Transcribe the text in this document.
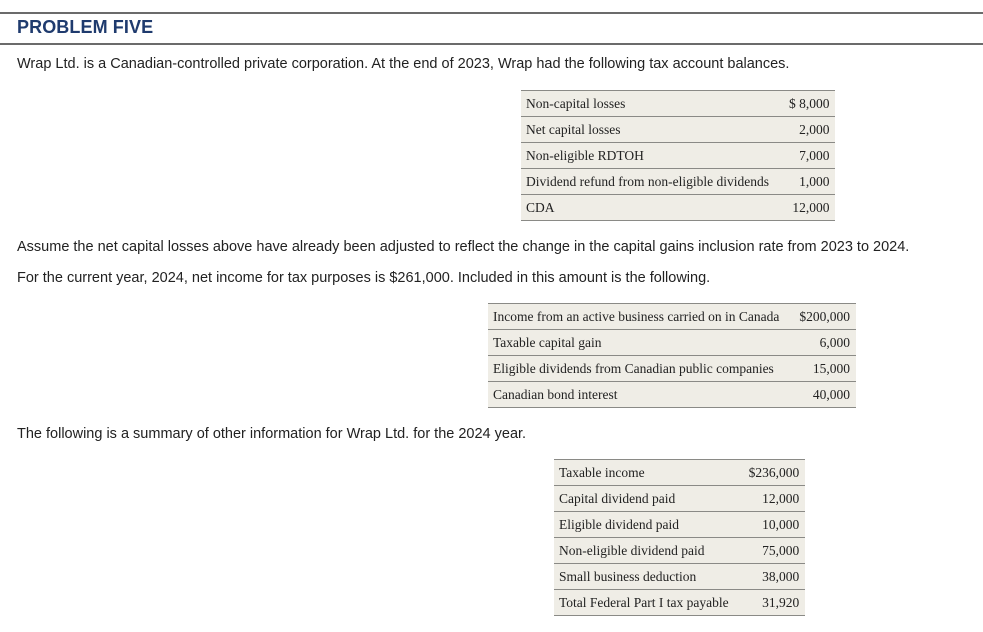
PROBLEM FIVE
Wrap Ltd. is a Canadian-controlled private corporation. At the end of 2023, Wrap had the following tax account balances.
Non-capital losses	$ 8,000
Net capital losses	2,000
Non-eligible RDTOH	7,000
Dividend refund from non-eligible dividends	1,000
CDA	12,000
Assume the net capital losses above have already been adjusted to reflect the change in the capital gains inclusion rate from 2023 to 2024.
For the current year, 2024, net income for tax purposes is $261,000. Included in this amount is the following.
Income from an active business carried on in Canada	$200,000
Taxable capital gain	6,000
Eligible dividends from Canadian public companies	15,000
Canadian bond interest	40,000
The following is a summary of other information for Wrap Ltd. for the 2024 year.
Taxable income	$236,000
Capital dividend paid	12,000
Eligible dividend paid	10,000
Non-eligible dividend paid	75,000
Small business deduction	38,000
Total Federal Part I tax payable	31,920
